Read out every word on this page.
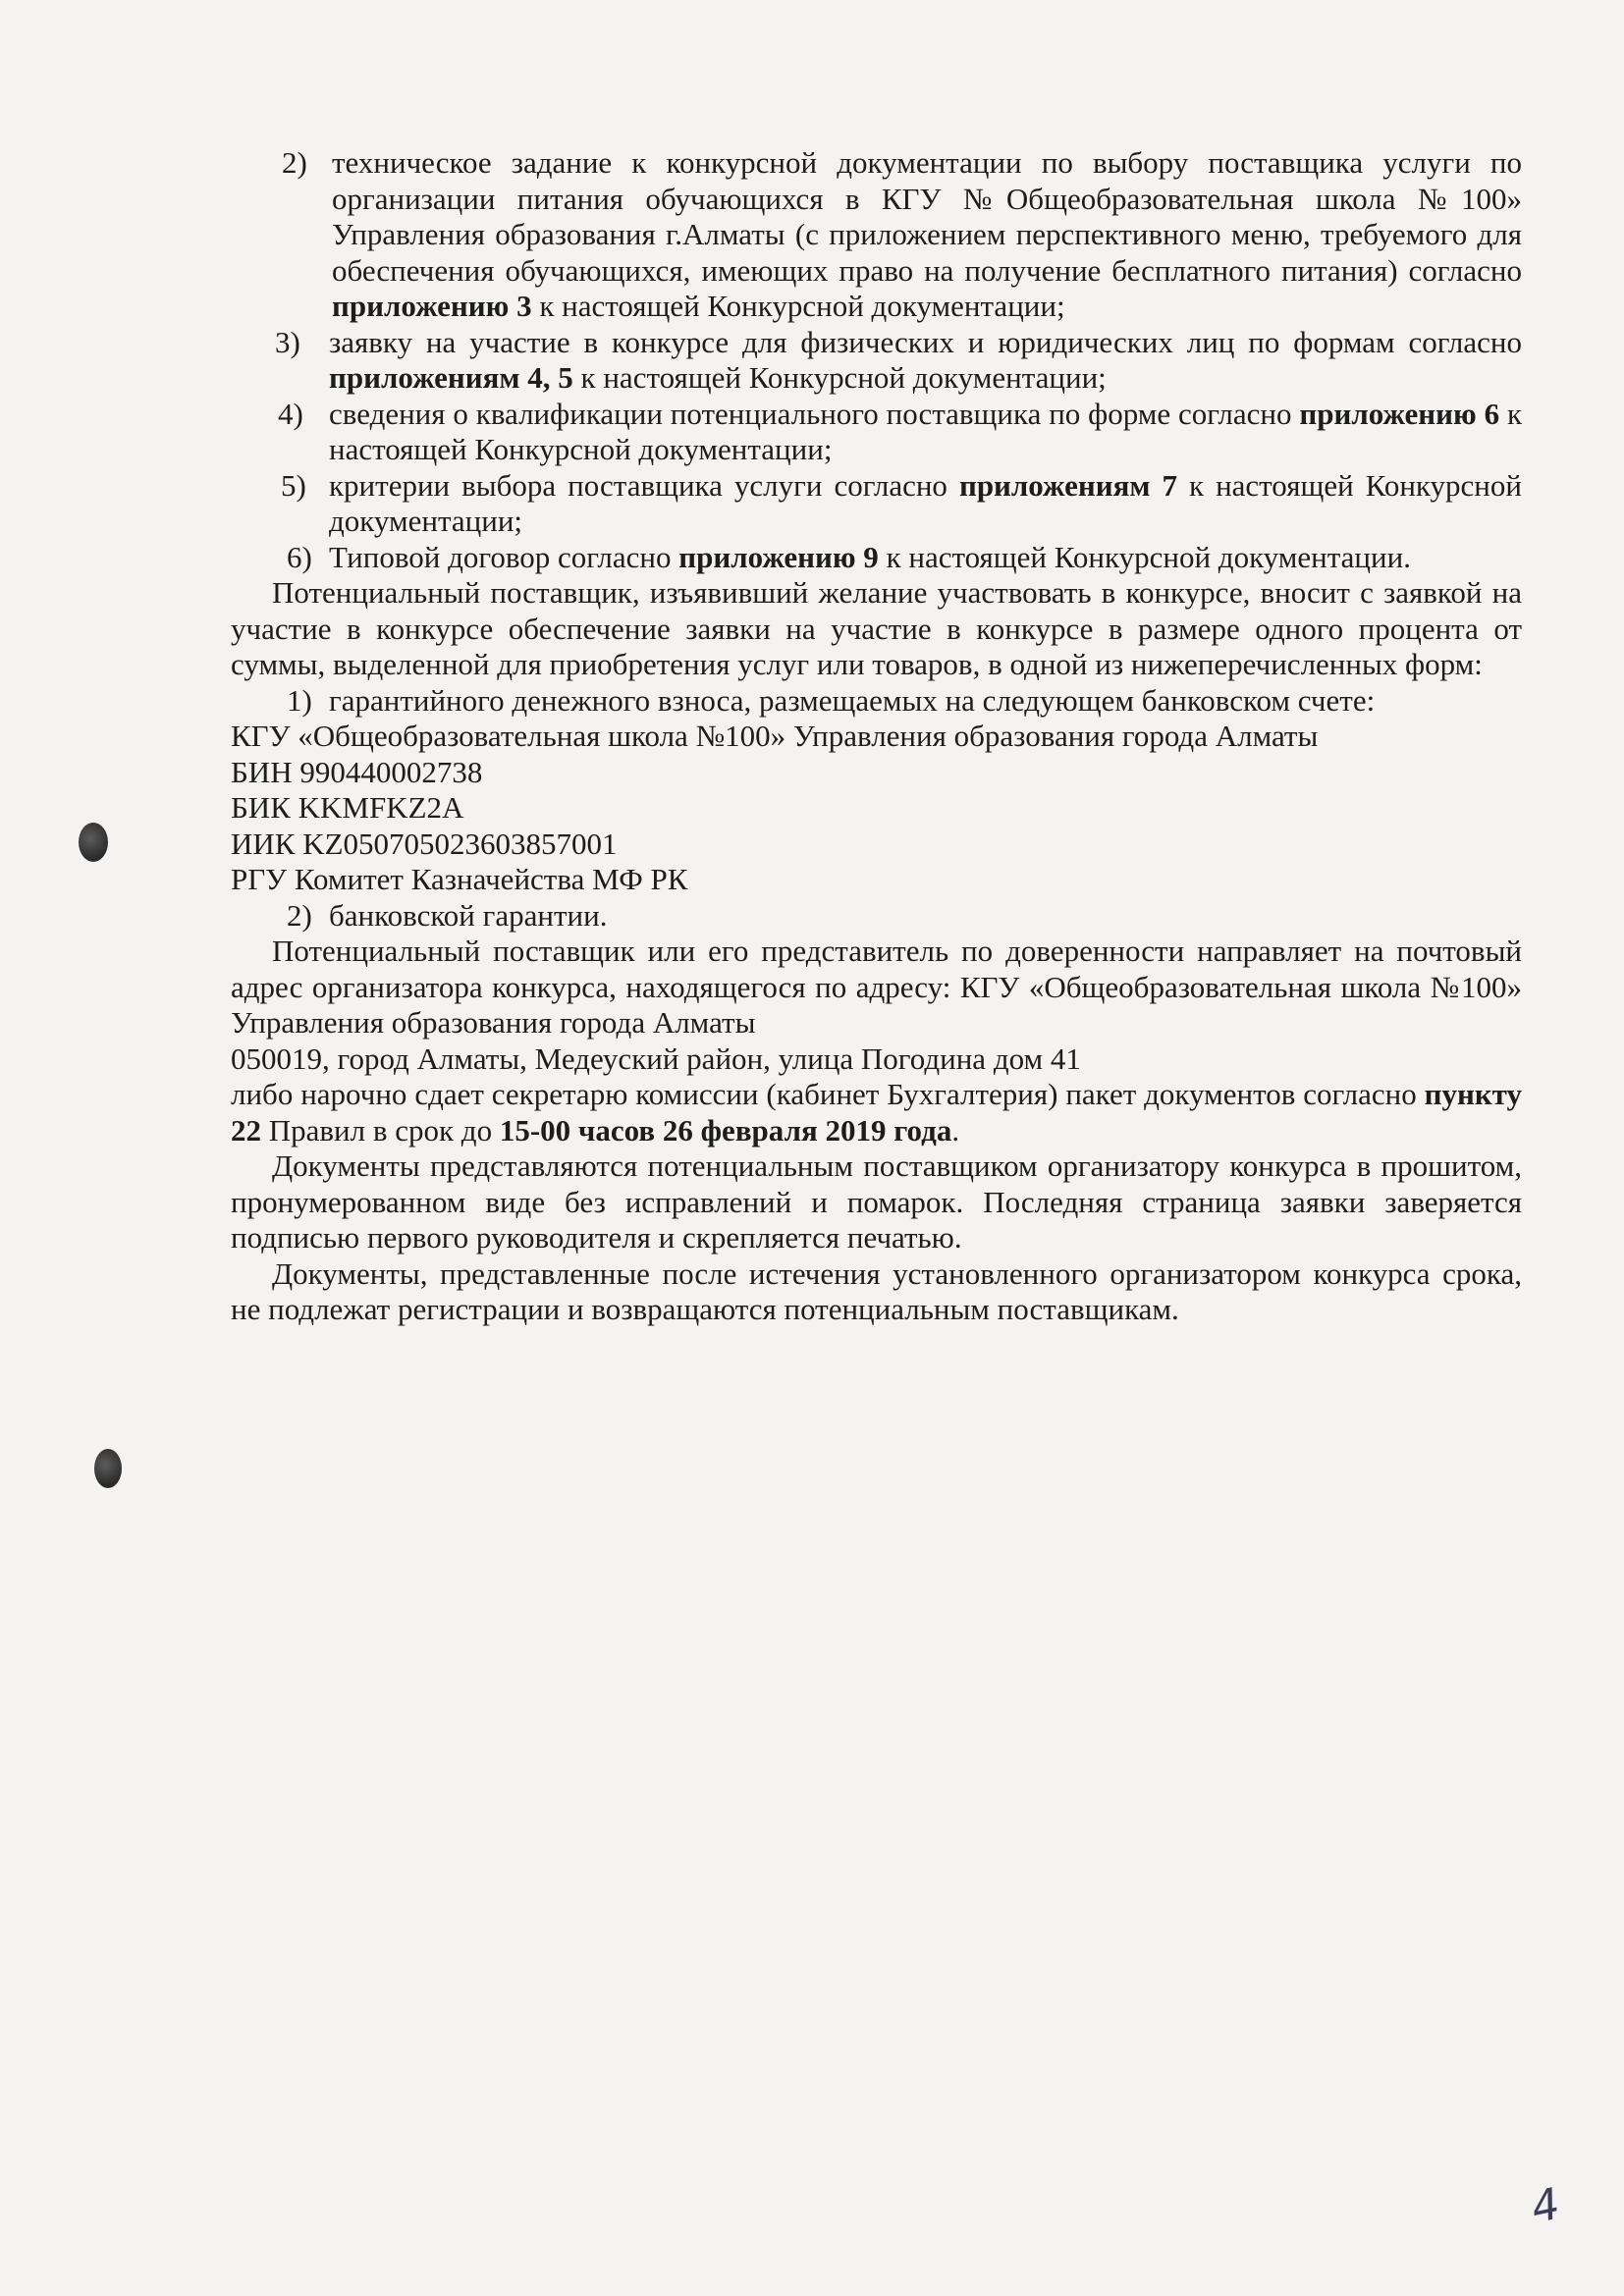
2) техническое задание к конкурсной документации по выбору поставщика услуги по организации питания обучающихся в КГУ №Общеобразовательная школа №100» Управления образования г.Алматы (с приложением перспективного меню, требуемого для обеспечения обучающихся, имеющих право на получение бесплатного питания) согласно приложению 3 к настоящей Конкурсной документации;

3) заявку на участие в конкурсе для физических и юридических лиц по формам согласно приложениям 4, 5 к настоящей Конкурсной документации;

4) сведения о квалификации потенциального поставщика по форме согласно приложению 6 к настоящей Конкурсной документации;

5) критерии выбора поставщика услуги согласно приложениям 7 к настоящей Конкурсной документации;

6) Типовой договор согласно приложению 9 к настоящей Конкурсной документации.

Потенциальный поставщик, изъявивший желание участвовать в конкурсе, вносит с заявкой на участие в конкурсе обеспечение заявки на участие в конкурсе в размере одного процента от суммы, выделенной для приобретения услуг или товаров, в одной из нижеперечисленных форм:

1) гарантийного денежного взноса, размещаемых на следующем банковском счете:

КГУ «Общеобразовательная школа №100» Управления образования города Алматы

БИН 990440002738

БИК KKMFKZ2A

ИИК KZ050705023603857001

РГУ Комитет Казначейства МФ РК

2) банковской гарантии.

Потенциальный поставщик или его представитель по доверенности направляет на почтовый адрес организатора конкурса, находящегося по адресу: КГУ «Общеобразовательная школа №100» Управления образования города Алматы

050019, город Алматы, Медеуский район, улица Погодина дом 41

либо нарочно сдает секретарю комиссии (кабинет Бухгалтерия) пакет документов согласно пункту 22 Правил в срок до 15-00 часов 26 февраля 2019 года.

Документы представляются потенциальным поставщиком организатору конкурса в прошитом, пронумерованном виде без исправлений и помарок. Последняя страница заявки заверяется подписью первого руководителя и скрепляется печатью.

Документы, представленные после истечения установленного организатором конкурса срока, не подлежат регистрации и возвращаются потенциальным поставщикам.

4
